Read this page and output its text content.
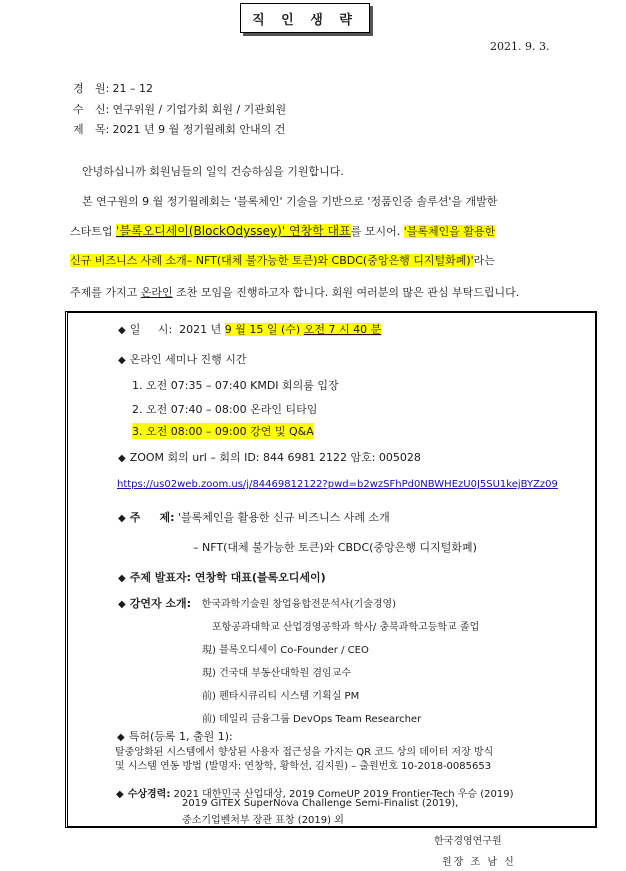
직 인 생 략
2021. 9. 3.
경 원: 21 – 12
수 신: 연구위원 / 기업가회 회원 / 기관회원
제 목: 2021 년 9 월 정기월례회 안내의 건
안녕하십니까 회원님들의 일익 건승하심을 기원합니다.
본 연구원의 9 월 정기월례회는 '블록체인' 기술을 기반으로 '정품인증 솔루션'을 개발한
스타트업 '블록오디세이(BlockOdyssey)' 연창학 대표를 모시어. '블록체인을 활용한
신규 비즈니스 사례 소개– NFT(대체 불가능한 토큰)와 CBDC(중앙은행 디지털화폐)'라는
주제를 가지고 온라인 조찬 모임을 진행하고자 합니다. 회원 여러분의 많은 관심 부탁드립니다.
◆ 일     시: 2021 년 9 월 15 일 (수) 오전 7 시 40 분
◆ 온라인 세미나 진행 시간
1. 오전 07:35 – 07:40 KMDI 회의룸 입장
2. 오전 07:40 – 08:00 온라인 티타임
3. 오전 08:00 – 09:00 강연 및 Q&A
◆ ZOOM 회의 url – 회의 ID: 844 6981 2122 암호: 005028
https://us02web.zoom.us/j/84469812122?pwd=b2wzSFhPd0NBWHEzU0J5SU1kejBYZz09
◆ 주     제: '블록체인을 활용한 신규 비즈니스 사례 소개
– NFT(대체 불가능한 토큰)와 CBDC(중앙은행 디지털화폐)
◆ 주제 발표자: 연창학 대표(블록오디세이)
◆ 강연자 소개: 한국과학기술원 창업융합전문석사(기술경영)
포항공과대학교 산업경영공학과 학사/ 충북과학고등학교 졸업
現) 블록오디세이 Co-Founder / CEO
現) 건국대 부동산대학원 겸임교수
前) 펜타시큐리티 시스템 기획실 PM
前) 데일리 금융그룹 DevOps Team Researcher
◆ 특허(등록 1, 출원 1):
탈중앙화된 시스템에서 향상된 사용자 접근성을 가지는 QR 코드 상의 데이터 저장 방식
및 시스템 연동 방법 (발명자: 연창학, 황학선, 김지원) – 출원번호 10-2018-0085653
◆ 수상경력: 2021 대한민국 산업대상, 2019 ComeUP 2019 Frontier-Tech 우승 (2019)
2019 GITEX SuperNova Challenge Semi-Finalist (2019),
중소기업벤처부 장관 표창 (2019) 외
한국경영연구원
원장 조 남 신
